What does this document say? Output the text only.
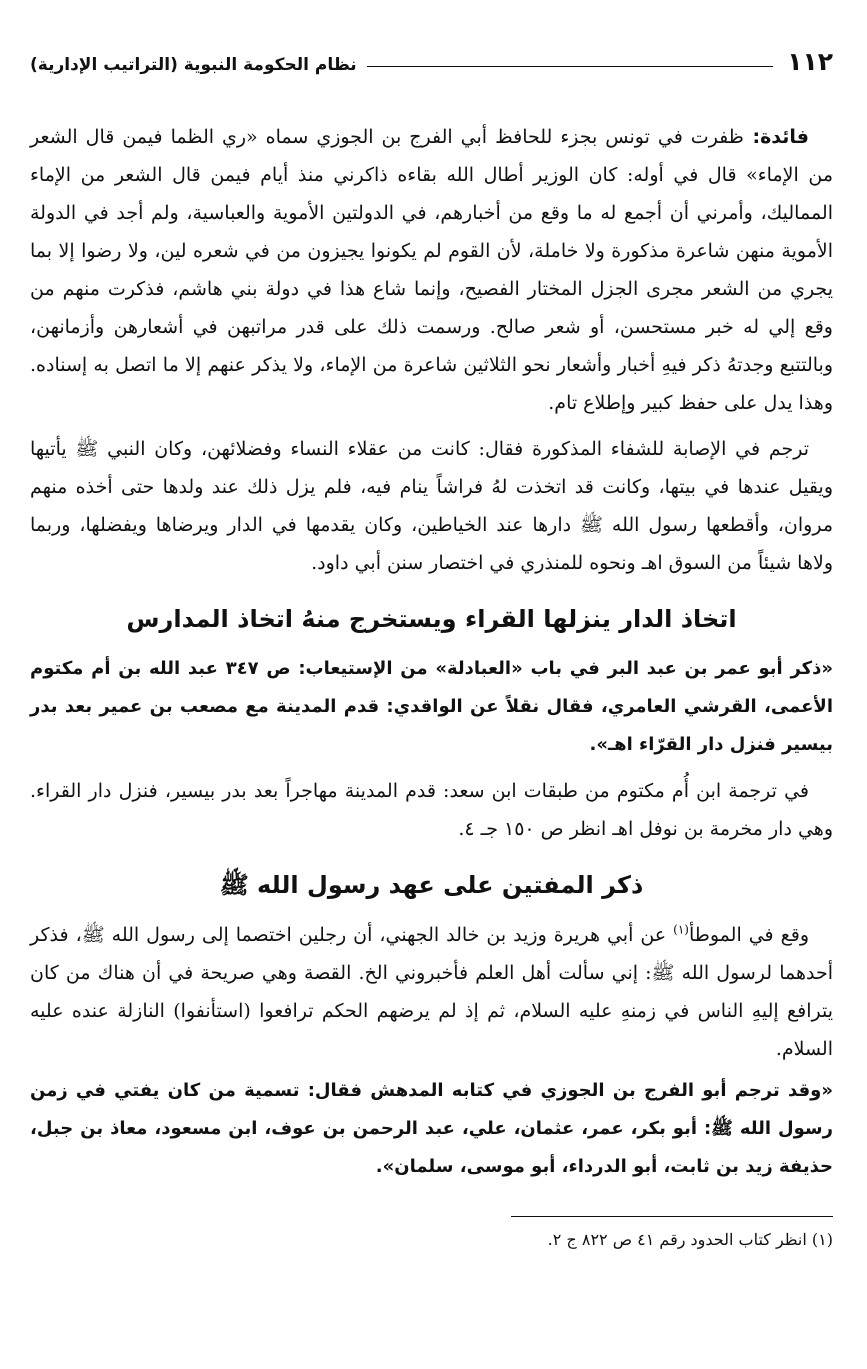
١١٢
نظام الحكومة النبوية (التراتيب الإدارية)

فائدة: ظفرت في تونس بجزء للحافظ أبي الفرج بن الجوزي سماه «ري الظما فيمن قال الشعر من الإماء» قال في أوله: كان الوزير أطال الله بقاءه ذاكرني منذ أيام فيمن قال الشعر من الإماء المماليك، وأمرني أن أجمع له ما وقع من أخبارهم، في الدولتين الأموية والعباسية، ولم أجد في الدولة الأموية منهن شاعرة مذكورة ولا خاملة، لأن القوم لم يكونوا يجيزون من في شعره لين، ولا رضوا إلا بما يجري من الشعر مجرى الجزل المختار الفصيح، وإنما شاع هذا في دولة بني هاشم، فذكرت منهم من وقع إلي له خبر مستحسن، أو شعر صالح. ورسمت ذلك على قدر مراتبهن في أشعارهن وأزمانهن، وبالتتبع وجدتهُ ذكر فيهِ أخبار وأشعار نحو الثلاثين شاعرة من الإماء، ولا يذكر عنهم إلا ما اتصل به إسناده. وهذا يدل على حفظ كبير وإطلاع تام.

ترجم في الإصابة للشفاء المذكورة فقال: كانت من عقلاء النساء وفضلائهن، وكان النبي ﷺ يأتيها ويقيل عندها في بيتها، وكانت قد اتخذت لهُ فراشاً ينام فيه، فلم يزل ذلك عند ولدها حتى أخذه منهم مروان، وأقطعها رسول الله ﷺ دارها عند الخياطين، وكان يقدمها في الدار ويرضاها ويفضلها، وربما ولاها شيئاً من السوق اهـ ونحوه للمنذري في اختصار سنن أبي داود.

اتخاذ الدار ينزلها القراء ويستخرج منهُ اتخاذ المدارس

«ذكر أبو عمر بن عبد البر في باب «العبادلة» من الإستيعاب: ص ٣٤٧ عبد الله بن أم مكتوم الأعمى، القرشي العامري، فقال نقلاً عن الواقدي: قدم المدينة مع مصعب بن عمير بعد بدر بيسير فنزل دار القرّاء اهـ».

في ترجمة ابن أُم مكتوم من طبقات ابن سعد: قدم المدينة مهاجراً بعد بدر بيسير، فنزل دار القراء. وهي دار مخرمة بن نوفل اهـ انظر ص ١٥٠ جـ ٤.

ذكر المفتين على عهد رسول الله ﷺ

وقع في الموطأ$^{(١)}$ عن أبي هريرة وزيد بن خالد الجهني، أن رجلين اختصما إلى رسول الله ﷺ، فذكر أحدهما لرسول الله ﷺ: إني سألت أهل العلم فأخبروني الخ. القصة وهي صريحة في أن هناك من كان يترافع إليهِ الناس في زمنهِ عليه السلام، ثم إذ لم يرضهم الحكم ترافعوا (استأنفوا) النازلة عنده عليه السلام.

«وقد ترجم أبو الفرج بن الجوزي في كتابه المدهش فقال: تسمية من كان يفتي في زمن رسول الله ﷺ: أبو بكر، عمر، عثمان، علي، عبد الرحمن بن عوف، ابن مسعود، معاذ بن جبل، حذيفة زيد بن ثابت، أبو الدرداء، أبو موسى، سلمان».

(١) انظر كتاب الحدود رقم ٤١ ص ٨٢٢ ج ٢.
